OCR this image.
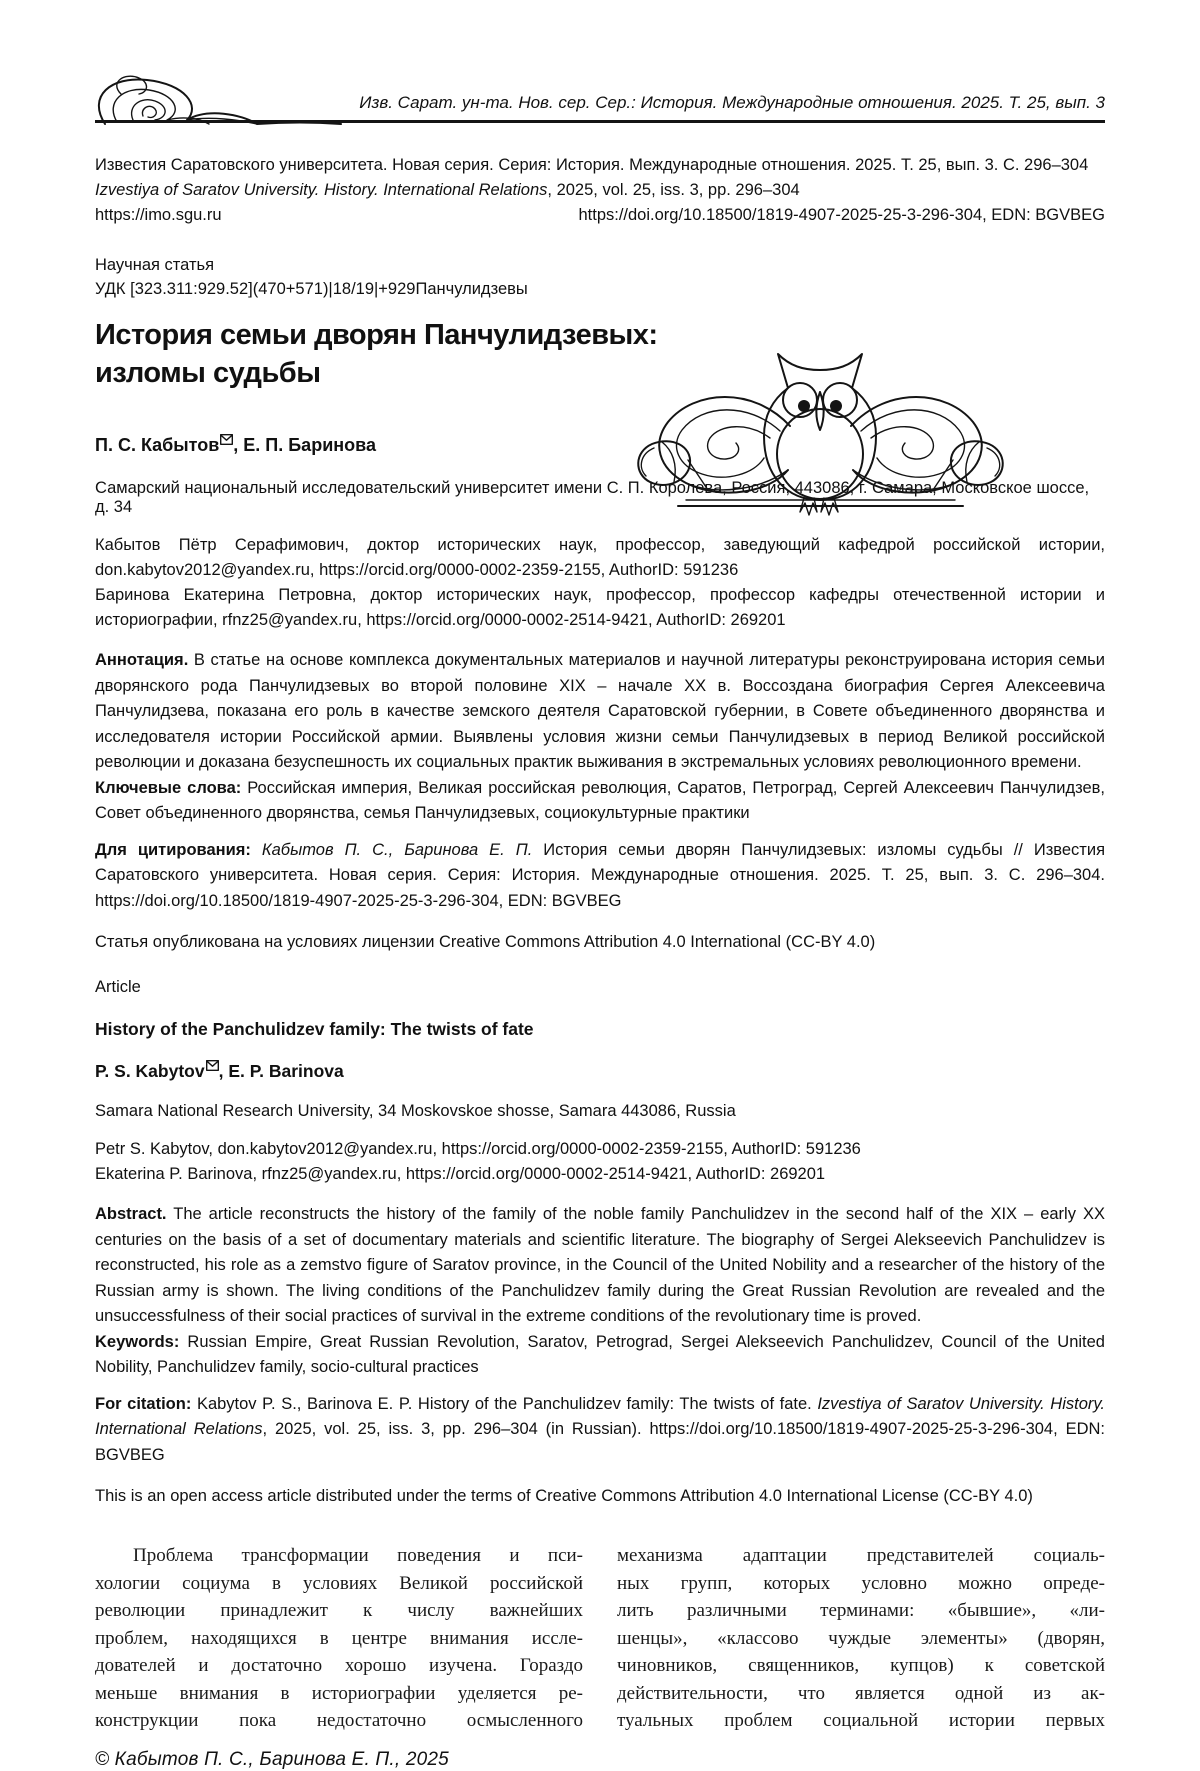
Изв. Сарат. ун-та. Нов. сер. Сер.: История. Международные отношения. 2025. Т. 25, вып. 3
Известия Саратовского университета. Новая серия. Серия: История. Международные отношения. 2025. Т. 25, вып. 3. С. 296–304
Izvestiya of Saratov University. History. International Relations, 2025, vol. 25, iss. 3, pp. 296–304
https://imo.sgu.ru	https://doi.org/10.18500/1819-4907-2025-25-3-296-304, EDN: BGVBEG
Научная статья
УДК [323.311:929.52](470+571)|18/19|+929Панчулидзевы
История семьи дворян Панчулидзевых:
изломы судьбы
П. С. Кабытов , Е. П. Баринова
Самарский национальный исследовательский университет имени С. П. Королева, Россия, 443086, г. Самара, Московское шоссе, д. 34

Кабытов Пётр Серафимович, доктор исторических наук, профессор, заведующий кафедрой российской истории, don.kabytov2012@yandex.ru, https://orcid.org/0000-0002-2359-2155, AuthorID: 591236

Баринова Екатерина Петровна, доктор исторических наук, профессор, профессор кафедры отечественной истории и историографии, rfnz25@yandex.ru, https://orcid.org/0000-0002-2514-9421, AuthorID: 269201

Аннотация. В статье на основе комплекса документальных материалов и научной литературы реконструирована история семьи дворянского рода Панчулидзевых во второй половине XIX – начале XX в. Воссоздана биография Сергея Алексеевича Панчулидзева, показана его роль в качестве земского деятеля Саратовской губернии, в Совете объединенного дворянства и исследователя истории Российской армии. Выявлены условия жизни семьи Панчулидзевых в период Великой российской революции и доказана безуспешность их социальных практик выживания в экстремальных условиях революционного времени.
Ключевые слова: Российская империя, Великая российская революция, Саратов, Петроград, Сергей Алексеевич Панчулидзев, Совет объединенного дворянства, семья Панчулидзевых, социокультурные практики
Для цитирования: Кабытов П. С., Баринова Е. П. История семьи дворян Панчулидзевых: изломы судьбы // Известия Саратовского университета. Новая серия. Серия: История. Международные отношения. 2025. Т. 25, вып. 3. С. 296–304. https://doi.org/10.18500/1819-4907-2025-25-3-296-304, EDN: BGVBEG
Статья опубликована на условиях лицензии Creative Commons Attribution 4.0 International (CC-BY 4.0)
Article
History of the Panchulidzev family: The twists of fate
P. S. Kabytov , E. P. Barinova
Samara National Research University, 34 Moskovskoe shosse, Samara 443086, Russia

Petr S. Kabytov, don.kabytov2012@yandex.ru, https://orcid.org/0000-0002-2359-2155, AuthorID: 591236

Ekaterina P. Barinova, rfnz25@yandex.ru, https://orcid.org/0000-0002-2514-9421, AuthorID: 269201

Abstract. The article reconstructs the history of the family of the noble family Panchulidzev in the second half of the XIX – early XX centuries on the basis of a set of documentary materials and scientific literature. The biography of Sergei Alekseevich Panchulidzev is reconstructed, his role as a zemstvo figure of Saratov province, in the Council of the United Nobility and a researcher of the history of the Russian army is shown. The living conditions of the Panchulidzev family during the Great Russian Revolution are revealed and the unsuccessfulness of their social practices of survival in the extreme conditions of the revolutionary time is proved.
Keywords: Russian Empire, Great Russian Revolution, Saratov, Petrograd, Sergei Alekseevich Panchulidzev, Council of the United Nobility, Panchulidzev family, socio-cultural practices
For citation: Kabytov P. S., Barinova E. P. History of the Panchulidzev family: The twists of fate. Izvestiya of Saratov University. History. International Relations, 2025, vol. 25, iss. 3, pp. 296–304 (in Russian). https://doi.org/10.18500/1819-4907-2025-25-3-296-304, EDN: BGVBEG
This is an open access article distributed under the terms of Creative Commons Attribution 4.0 International License (CC-BY 4.0)
Проблема трансформации поведения и пси-
хологии социума в условиях Великой российской
революции принадлежит к числу важнейших
проблем, находящихся в центре внимания иссле-
дователей и достаточно хорошо изучена. Гораздо
меньше внимания в историографии уделяется ре-
конструкции пока недостаточно осмысленного
механизма адаптации представителей социаль-
ных групп, которых условно можно опреде-
лить различными терминами: «бывшие», «ли-
шенцы», «классово чуждые элементы» (дворян,
чиновников, священников, купцов) к советской
действительности, что является одной из ак-
туальных проблем социальной истории первых
© Кабытов П. С., Баринова Е. П., 2025
